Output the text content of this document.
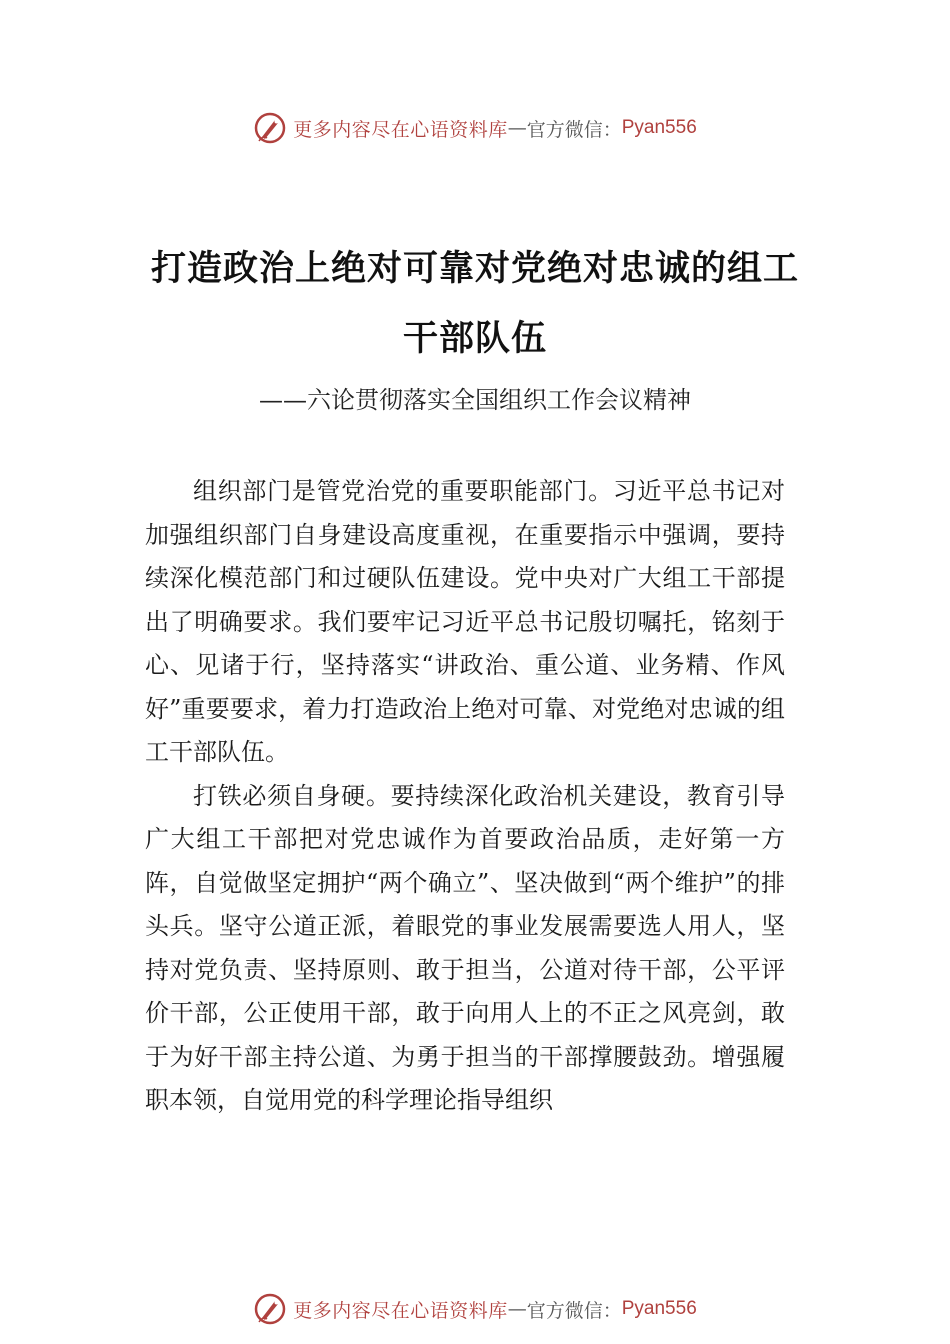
更多内容尽在心语资料库 — 官方微信： Pyan556
打造政治上绝对可靠对党绝对忠诚的组工干部队伍
——六论贯彻落实全国组织工作会议精神

组织部门是管党治党的重要职能部门。习近平总书记对加强组织部门自身建设高度重视，在重要指示中强调，要持续深化模范部门和过硬队伍建设。党中央对广大组工干部提出了明确要求。我们要牢记习近平总书记殷切嘱托，铭刻于心、见诸于行，坚持落实“讲政治、重公道、业务精、作风好”重要要求，着力打造政治上绝对可靠、对党绝对忠诚的组工干部队伍。

打铁必须自身硬。要持续深化政治机关建设，教育引导广大组工干部把对党忠诚作为首要政治品质，走好第一方阵，自觉做坚定拥护“两个确立”、坚决做到“两个维护”的排头兵。坚守公道正派，着眼党的事业发展需要选人用人，坚持对党负责、坚持原则、敢于担当，公道对待干部，公平评价干部，公正使用干部，敢于向用人上的不正之风亮剑，敢于为好干部主持公道、为勇于担当的干部撑腰鼓劲。增强履职本领，自觉用党的科学理论指导组织

更多内容尽在心语资料库 — 官方微信： Pyan556
